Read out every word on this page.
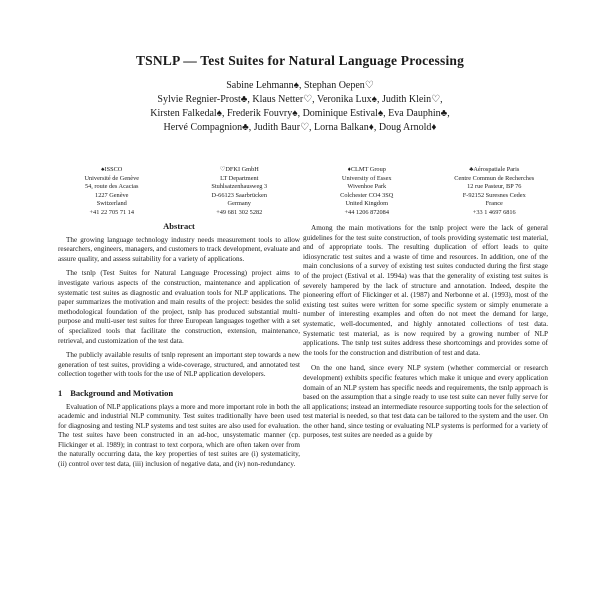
TSNLP — Test Suites for Natural Language Processing
Sabine Lehmann♠, Stephan Oepen♡
Sylvie Regnier-Prost♣, Klaus Netter♡, Veronika Lux♠, Judith Klein♡,
Kirsten Falkedal♠, Frederik Fouvry♠, Dominique Estival♠, Eva Dauphin♣,
Hervé Compagnion♣, Judith Baur♡, Lorna Balkan♦, Doug Arnold♦
♠ISSCO
Université de Genève
54, route des Acacias
1227 Genève
Switzerland
+41 22 705 71 14
♡DFKI GmbH
LT Department
Stuhlsatzenhausweg 3
D-66123 Saarbrücken
Germany
+49 681 302 5282
♦CLMT Group
University of Essex
Wivenhoe Park
Colchester CO4 3SQ
United Kingdom
+44 1206 872084
♣Aérospatiale Paris
Centre Commun de Recherches
12 rue Pasteur, BP 76
F-92152 Suresnes Cedex
France
+33 1 4697 6816
Abstract

The growing language technology industry needs measurement tools to allow researchers, engineers, managers, and customers to track development, evaluate and assure quality, and assess suitability for a variety of applications.

The tsnlp (Test Suites for Natural Language Processing) project aims to investigate various aspects of the construction, maintenance and application of systematic test suites as diagnostic and evaluation tools for NLP applications. The paper summarizes the motivation and main results of the project: besides the solid methodological foundation of the project, tsnlp has produced substantial multi-purpose and multi-user test suites for three European languages together with a set of specialized tools that facilitate the construction, extension, maintenance, retrieval, and customization of the test data.

The publicly available results of tsnlp represent an important step towards a new generation of test suites, providing a wide-coverage, structured, and annotated test collection together with tools for the use of NLP application developers.

1 Background and Motivation

Evaluation of NLP applications plays a more and more important role in both the academic and industrial NLP community. Test suites traditionally have been used for diagnosing and testing NLP systems and test suites are also used for evaluation. The test suites have been constructed in an ad-hoc, unsystematic manner (cp. Flickinger et al. 1989); in contrast to text corpora, which are often taken over from the naturally occurring data, the key properties of test suites are (i) systematicity, (ii) control over test data, (iii) inclusion of negative data, and (iv) non-redundancy.

Among the main motivations for the tsnlp project were the lack of general guidelines for the test suite construction, of tools providing systematic test material, and of appropriate tools. The resulting duplication of effort leads to quite idiosyncratic test suites and a waste of time and resources. In addition, one of the main conclusions of a survey of existing test suites conducted during the first stage of the project (Estival et al. 1994a) was that the generality of existing test suites is severely hampered by the lack of structure and annotation. Indeed, despite the pioneering effort of Flickinger et al. (1987) and Nerbonne et al. (1993), most of the existing test suites were written for some specific system or simply enumerate a number of interesting examples and often do not meet the demand for large, systematic, well-documented, and highly annotated collections of test data. Systematic test material, as is now required by a growing number of NLP applications. The tsnlp test suites address these shortcomings and provides some of the tools for the construction and distribution of test and data.

On the one hand, since every NLP system (whether commercial or research development) exhibits specific features which make it unique and every application domain of an NLP system has specific needs and requirements, the tsnlp approach is based on the assumption that a single ready to use test suite can never fully serve for all applications; instead an intermediate resource supporting tools for the selection of test material is needed, so that test data can be tailored to the system and the user. On the other hand, since testing or evaluating NLP systems is performed for a variety of purposes, test suites are needed as a guide by
